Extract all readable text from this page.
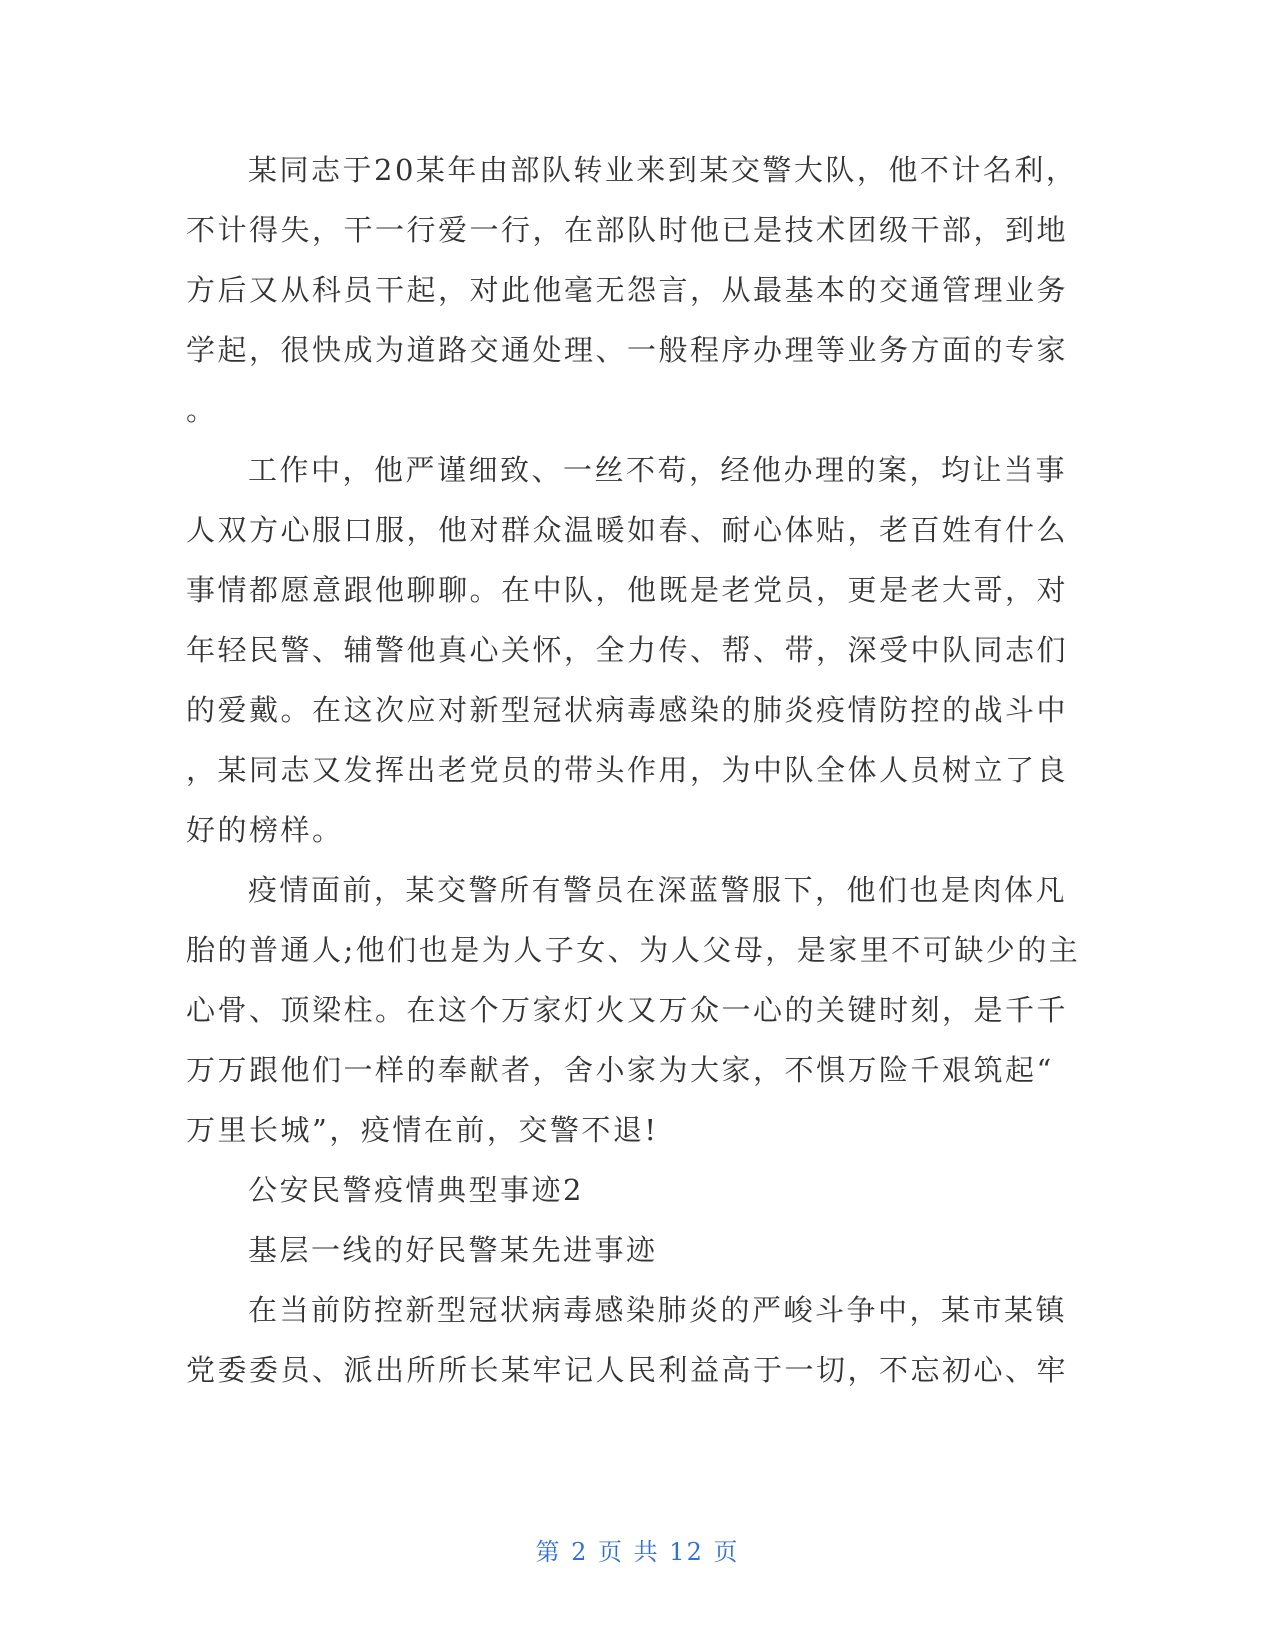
某同志于20某年由部队转业来到某交警大队，他不计名利，
不计得失，干一行爱一行，在部队时他已是技术团级干部，到地
方后又从科员干起，对此他毫无怨言，从最基本的交通管理业务
学起，很快成为道路交通处理、一般程序办理等业务方面的专家
。
工作中，他严谨细致、一丝不苟，经他办理的案，均让当事
人双方心服口服，他对群众温暖如春、耐心体贴，老百姓有什么
事情都愿意跟他聊聊。在中队，他既是老党员，更是老大哥，对
年轻民警、辅警他真心关怀，全力传、帮、带，深受中队同志们
的爱戴。在这次应对新型冠状病毒感染的肺炎疫情防控的战斗中
，某同志又发挥出老党员的带头作用，为中队全体人员树立了良
好的榜样。
疫情面前，某交警所有警员在深蓝警服下，他们也是肉体凡
胎的普通人;他们也是为人子女、为人父母，是家里不可缺少的主
心骨、顶梁柱。在这个万家灯火又万众一心的关键时刻，是千千
万万跟他们一样的奉献者，舍小家为大家，不惧万险千艰筑起“
万里长城”，疫情在前，交警不退!
公安民警疫情典型事迹2
基层一线的好民警某先进事迹
在当前防控新型冠状病毒感染肺炎的严峻斗争中，某市某镇
党委委员、派出所所长某牢记人民利益高于一切，不忘初心、牢
第 2 页 共 12 页
